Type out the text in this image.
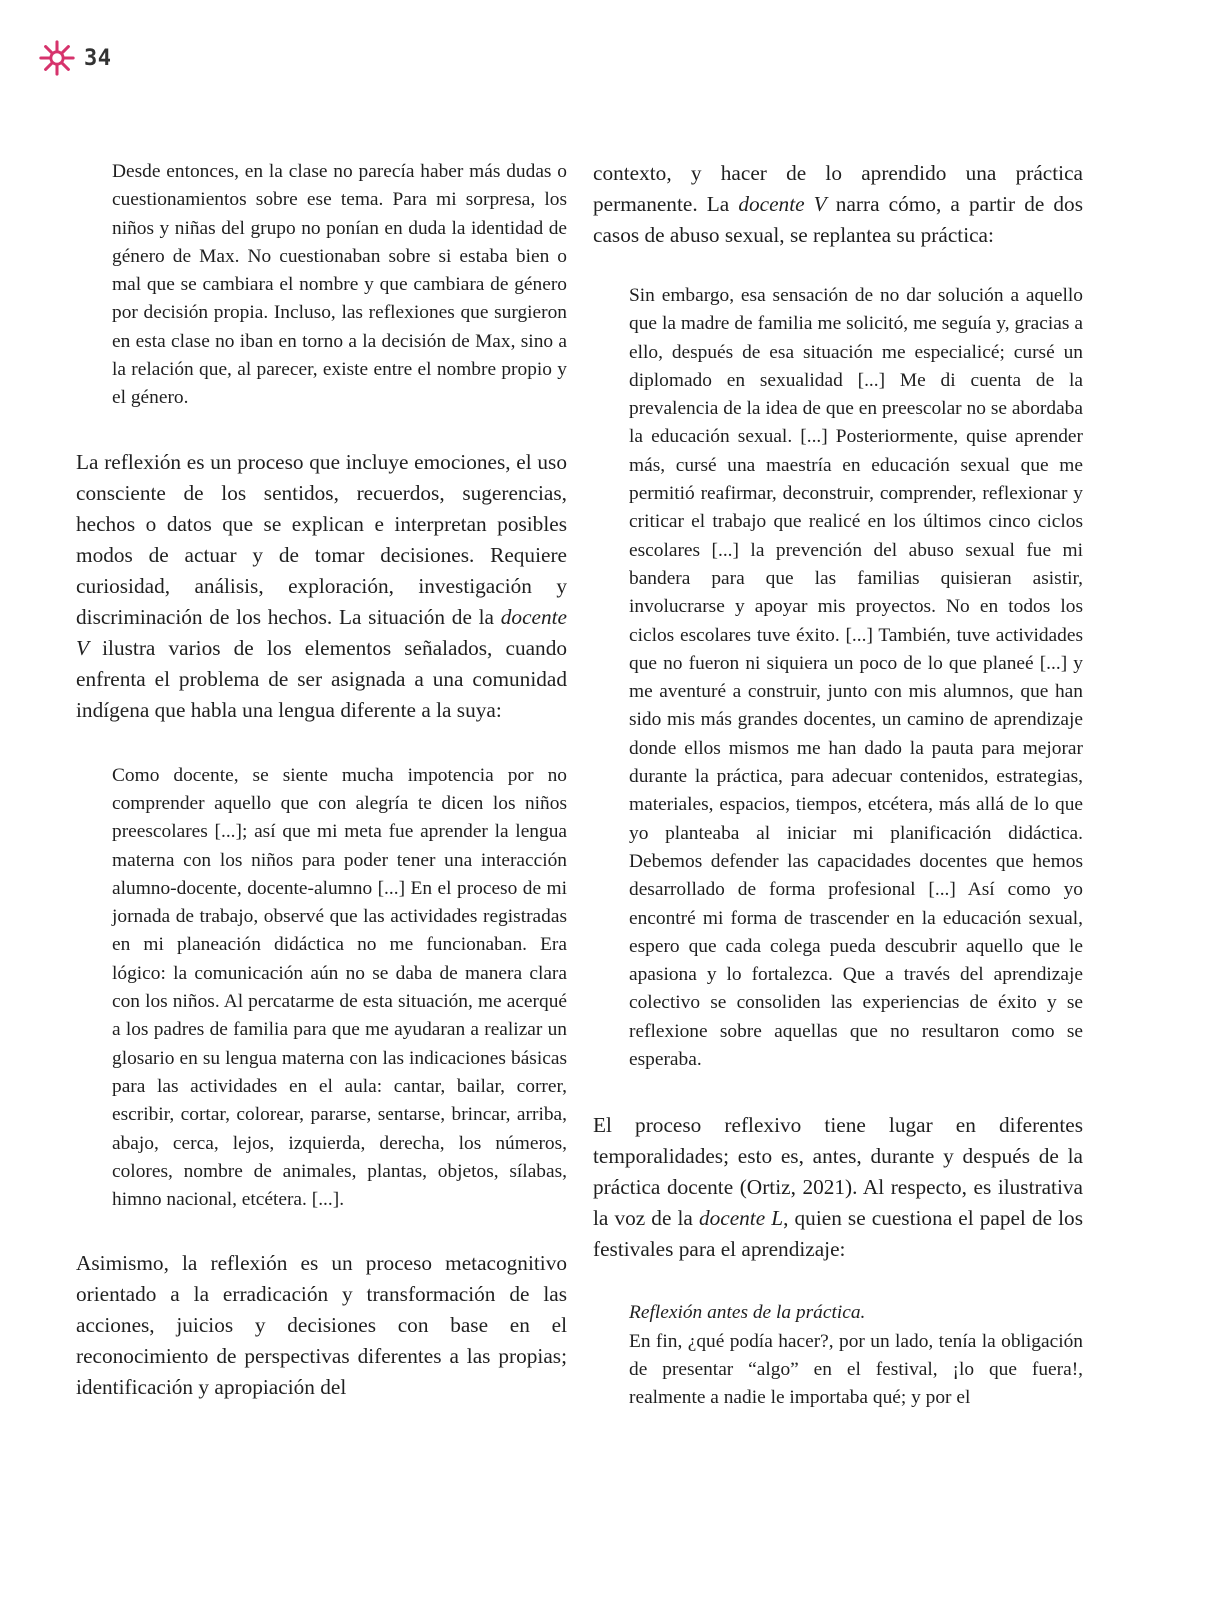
34

Desde entonces, en la clase no parecía haber más dudas o cuestionamientos sobre ese tema. Para mi sorpresa, los niños y niñas del grupo no ponían en duda la identidad de género de Max. No cuestionaban sobre si estaba bien o mal que se cambiara el nombre y que cambiara de género por decisión propia. Incluso, las reflexiones que surgieron en esta clase no iban en torno a la decisión de Max, sino a la relación que, al parecer, existe entre el nombre propio y el género.

La reflexión es un proceso que incluye emociones, el uso consciente de los sentidos, recuerdos, sugerencias, hechos o datos que se explican e interpretan posibles modos de actuar y de tomar decisiones. Requiere curiosidad, análisis, exploración, investigación y discriminación de los hechos. La situación de la docente V ilustra varios de los elementos señalados, cuando enfrenta el problema de ser asignada a una comunidad indígena que habla una lengua diferente a la suya:

Como docente, se siente mucha impotencia por no comprender aquello que con alegría te dicen los niños preescolares [...]; así que mi meta fue aprender la lengua materna con los niños para poder tener una interacción alumno-docente, docente-alumno [...] En el proceso de mi jornada de trabajo, observé que las actividades registradas en mi planeación didáctica no me funcionaban. Era lógico: la comunicación aún no se daba de manera clara con los niños. Al percatarme de esta situación, me acerqué a los padres de familia para que me ayudaran a realizar un glosario en su lengua materna con las indicaciones básicas para las actividades en el aula: cantar, bailar, correr, escribir, cortar, colorear, pararse, sentarse, brincar, arriba, abajo, cerca, lejos, izquierda, derecha, los números, colores, nombre de animales, plantas, objetos, sílabas, himno nacional, etcétera. [...].

Asimismo, la reflexión es un proceso metacognitivo orientado a la erradicación y transformación de las acciones, juicios y decisiones con base en el reconocimiento de perspectivas diferentes a las propias; identificación y apropiación del

contexto, y hacer de lo aprendido una práctica permanente. La docente V narra cómo, a partir de dos casos de abuso sexual, se replantea su práctica:

Sin embargo, esa sensación de no dar solución a aquello que la madre de familia me solicitó, me seguía y, gracias a ello, después de esa situación me especialicé; cursé un diplomado en sexualidad [...] Me di cuenta de la prevalencia de la idea de que en preescolar no se abordaba la educación sexual. [...] Posteriormente, quise aprender más, cursé una maestría en educación sexual que me permitió reafirmar, deconstruir, comprender, reflexionar y criticar el trabajo que realicé en los últimos cinco ciclos escolares [...] la prevención del abuso sexual fue mi bandera para que las familias quisieran asistir, involucrarse y apoyar mis proyectos. No en todos los ciclos escolares tuve éxito. [...] También, tuve actividades que no fueron ni siquiera un poco de lo que planeé [...] y me aventuré a construir, junto con mis alumnos, que han sido mis más grandes docentes, un camino de aprendizaje donde ellos mismos me han dado la pauta para mejorar durante la práctica, para adecuar contenidos, estrategias, materiales, espacios, tiempos, etcétera, más allá de lo que yo planteaba al iniciar mi planificación didáctica. Debemos defender las capacidades docentes que hemos desarrollado de forma profesional [...] Así como yo encontré mi forma de trascender en la educación sexual, espero que cada colega pueda descubrir aquello que le apasiona y lo fortalezca. Que a través del aprendizaje colectivo se consoliden las experiencias de éxito y se reflexione sobre aquellas que no resultaron como se esperaba.

El proceso reflexivo tiene lugar en diferentes temporalidades; esto es, antes, durante y después de la práctica docente (Ortiz, 2021). Al respecto, es ilustrativa la voz de la docente L, quien se cuestiona el papel de los festivales para el aprendizaje:

Reflexión antes de la práctica.
En fin, ¿qué podía hacer?, por un lado, tenía la obligación de presentar “algo” en el festival, ¡lo que fuera!, realmente a nadie le importaba qué; y por el
